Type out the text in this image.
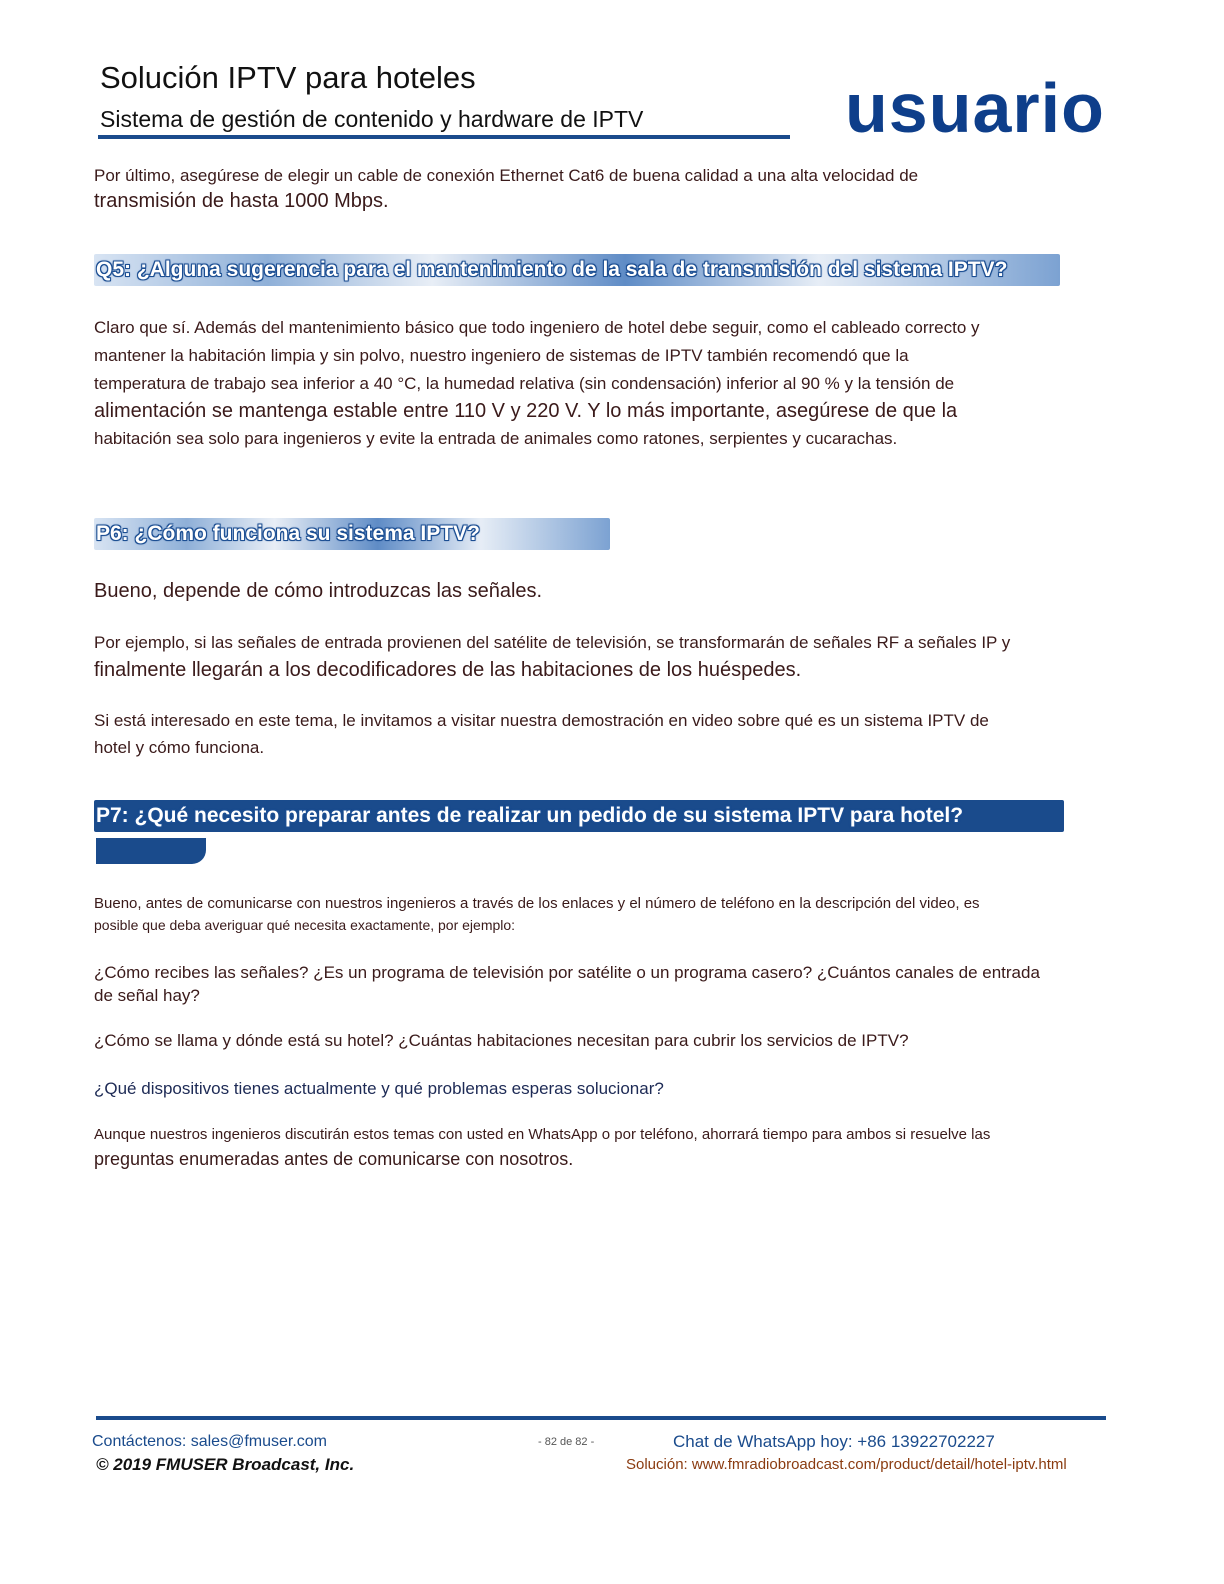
Solución IPTV para hoteles
Sistema de gestión de contenido y hardware de IPTV	usuario
Por último, asegúrese de elegir un cable de conexión Ethernet Cat6 de buena calidad a una alta velocidad de
transmisión de hasta 1000 Mbps.
Q5: ¿Alguna sugerencia para el mantenimiento de la sala de transmisión del sistema IPTV?
Claro que sí. Además del mantenimiento básico que todo ingeniero de hotel debe seguir, como el cableado correcto y
mantener la habitación limpia y sin polvo, nuestro ingeniero de sistemas de IPTV también recomendó que la
temperatura de trabajo sea inferior a 40 °C, la humedad relativa (sin condensación) inferior al 90 % y la tensión de
alimentación se mantenga estable entre 110 V y 220 V. Y lo más importante, asegúrese de que la
habitación sea solo para ingenieros y evite la entrada de animales como ratones, serpientes y cucarachas.
P6: ¿Cómo funciona su sistema IPTV?
Bueno, depende de cómo introduzcas las señales.
Por ejemplo, si las señales de entrada provienen del satélite de televisión, se transformarán de señales RF a señales IP y
finalmente llegarán a los decodificadores de las habitaciones de los huéspedes.
Si está interesado en este tema, le invitamos a visitar nuestra demostración en video sobre qué es un sistema IPTV de
hotel y cómo funciona.
P7: ¿Qué necesito preparar antes de realizar un pedido de su sistema IPTV para hotel?
Bueno, antes de comunicarse con nuestros ingenieros a través de los enlaces y el número de teléfono en la descripción del video, es
posible que deba averiguar qué necesita exactamente, por ejemplo:
¿Cómo recibes las señales? ¿Es un programa de televisión por satélite o un programa casero? ¿Cuántos canales de entrada
de señal hay?
¿Cómo se llama y dónde está su hotel? ¿Cuántas habitaciones necesitan para cubrir los servicios de IPTV?
¿Qué dispositivos tienes actualmente y qué problemas esperas solucionar?
Aunque nuestros ingenieros discutirán estos temas con usted en WhatsApp o por teléfono, ahorrará tiempo para ambos si resuelve las
preguntas enumeradas antes de comunicarse con nosotros.
Contáctenos: sales@fmuser.com
© 2019 FMUSER Broadcast, Inc.
- 82 de 82 -	Chat de WhatsApp hoy: +86 13922702227
Solución: www.fmradiobroadcast.com/product/detail/hotel-iptv.html
